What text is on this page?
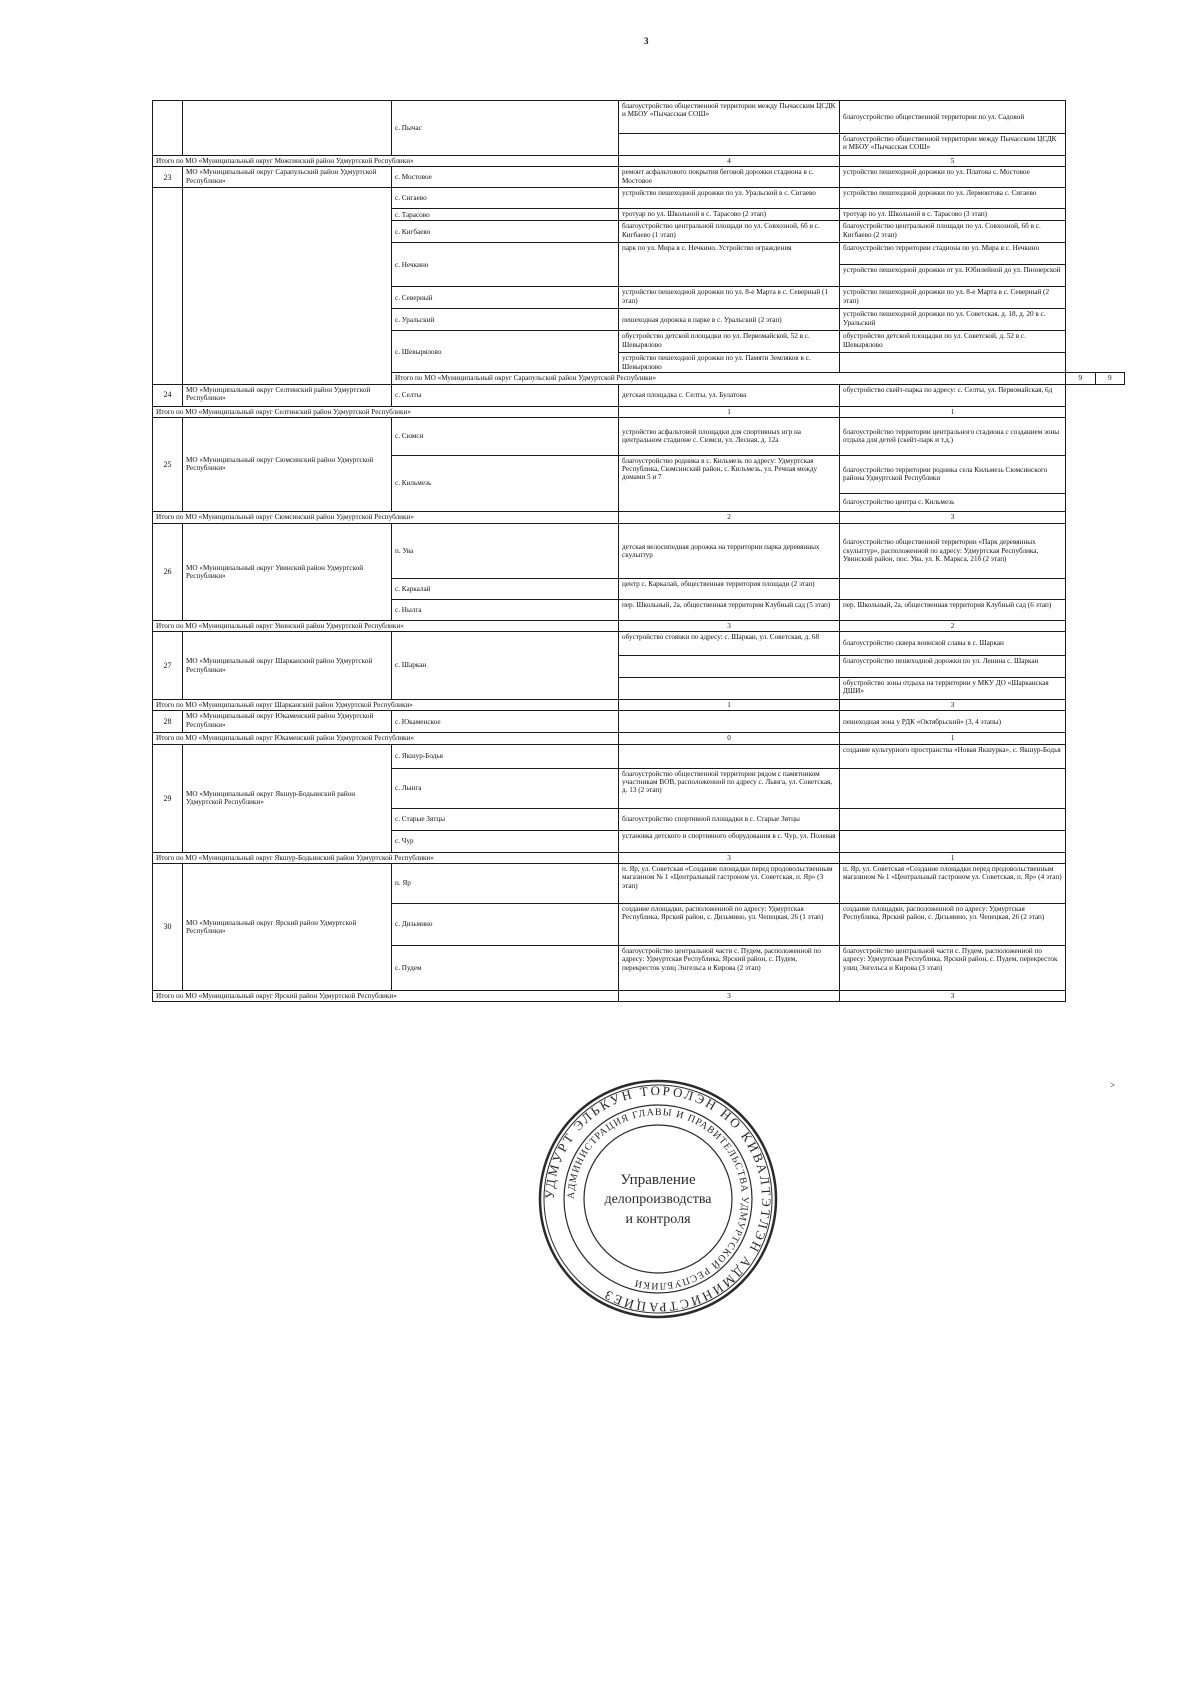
3
		с. Пычас	благоустройство общественной территории между Пычасским ЦСДК и МБОУ «Пычасская СОШ»	благоустройство общественной территории по ул. Садовой		
				благоустройство общественной территории между Пычасским ЦСДК и МБОУ «Пычасская СОШ»		
Итого по МО «Муниципальный округ Можгинский район Удмуртской Республики»			4	5		
23	МО «Муниципальный округ Сарапульский район Удмуртской Республики»	с. Мостовое	ремонт асфальтового покрытия беговой дорожки стадиона в с. Мостовое	устройство пешеходной дорожки по ул. Платова с. Мостовое		
		с. Сигаево	устройство пешеходной дорожки по ул. Уральской в с. Сигаево	устройство пешеходной дорожки по ул. Лермонтова с. Сигаево		
		с. Тарасово	тротуар по ул. Школьной в с. Тарасово (2 этап)	тротуар по ул. Школьной в с. Тарасово (3 этап)		
		с. Кигбаево	благоустройство центральной площади по ул. Совхозной, 6б в с. Кигбаево (1 этап)	благоустройство центральной площади по ул. Совхозной, 6б в с. Кигбаево (2 этап)		
		с. Нечкино	парк по ул. Мира в с. Нечкино. Устройство ограждения	благоустройство территории стадиона по ул. Мира в с. Нечкино		
				устройство пешеходной дорожки от ул. Юбилейной до ул. Пионерской		
		с. Северный	устройство пешеходной дорожки по ул. 8-е Марта в с. Северный (1 этап)	устройство пешеходной дорожки по ул. 8-е Марта в с. Северный (2 этап)		
		с. Уральский	пешеходная дорожка в парке в с. Уральский (2 этап)	устройство пешеходной дорожки по ул. Советская, д. 18, д. 20 в с. Уральский		
		с. Шевырялово	обустройство детской площадки по ул. Первомайской, 52 в с. Шевырялово	обустройство детской площадки по ул. Советской, д. 52 в с. Шевырялово		
			устройство пешеходной дорожки по ул. Памяти Земляков в с. Шевырялово			
		Итого по МО «Муниципальный округ Сарапульский район Удмуртской Республики»			9	9
24	МО «Муниципальный округ Селтинский район Удмуртской Республики»	с. Селты	детская площадка с. Селты, ул. Булатова	обустройство скейт-парка по адресу: с. Селты, ул. Первомайская, 6д		
Итого по МО «Муниципальный округ Селтинский район Удмуртской Республики»			1	1		
25	МО «Муниципальный округ Сюмсинский район Удмуртской Республики»	с. Сюмси	устройство асфальтовой площадки для спортивных игр на центральном стадионе с. Сюмси, ул. Лесная, д. 12а	благоустройство территории центрального стадиона с созданием зоны отдыха для детей (скейт-парк и т.д.)		
		с. Кильмезь	благоустройство родника в с. Кильмезь по адресу: Удмуртская Республика, Сюмсинский район, с. Кильмезь, ул. Речная между домами 5 и 7	благоустройство территории родника села Кильмезь Сюмсинского района Удмуртской Республики		
				благоустройство центра с. Кильмезь		
Итого по МО «Муниципальный округ Сюмсинский район Удмуртской Республики»			2	3		
26	МО «Муниципальный округ Увинский район Удмуртской Республики»	п. Ува	детская велосипедная дорожка на территории парка деревянных скульптур	благоустройство общественной территории «Парк деревянных скульптур», расположенной по адресу: Удмуртская Республика, Увинский район, пос. Ува, ул. К. Маркса, 21б (2 этап)		
		с. Каркалай	центр с. Каркалай, общественная территория площади (2 этап)			
		с. Нылга	пер. Школьный, 2а, общественная территория Клубный сад (5 этап)	пер. Школьный, 2а, общественная территория Клубный сад (6 этап)		
Итого по МО «Муниципальный округ Увинский район Удмуртской Республики»			3	2		
27	МО «Муниципальный округ Шарканский район Удмуртской Республики»	с. Шаркан	обустройство стоянки по адресу: с. Шаркан, ул. Советская, д. 68	благоустройство сквера воинской славы в с. Шаркан		
				благоустройство пешеходной дорожки по ул. Ленина с. Шаркан		
				обустройство зоны отдыха на территории у МКУ ДО «Шарканская ДШИ»		
Итого по МО «Муниципальный округ Шарканский район Удмуртской Республики»			1	3		
28	МО «Муниципальный округ Юкаменский район Удмуртской Республики»	с. Юкаменское		пешеходная зона у РДК «Октябрьский» (3, 4 этапы)		
Итого по МО «Муниципальный округ Юкаменский район Удмуртской Республики»			0	1		
29	МО «Муниципальный округ Якшур-Бодьинский район Удмуртской Республики»	с. Якшур-Бодья		создание культурного пространства «Новая Якшурка», с. Якшур-Бодья		
		с. Лынга	благоустройство общественной территории рядом с памятником участникам ВОВ, расположенной по адресу с. Лынга, ул. Советская, д. 13 (2 этап)			
		с. Старые Зятцы	благоустройство спортивной площадки в с. Старые Зятцы			
		с. Чур	установка детского и спортивного оборудования в с. Чур, ул. Полевая			
Итого по МО «Муниципальный округ Якшур-Бодьинский район Удмуртской Республики»			3	1		
30	МО «Муниципальный округ Ярский район Удмуртской Республики»	п. Яр	п. Яр, ул. Советская «Создание площадки перед продовольственным магазином № 1 «Центральный гастроном ул. Советская, п. Яр» (3 этап)	п. Яр, ул. Советская «Создание площадки перед продовольственным магазином № 1 «Центральный гастроном ул. Советская, п. Яр» (4 этап)		
		с. Дизьмино	создание площадки, расположенной по адресу: Удмуртская Республика, Ярский район, с. Дизьмино, ул. Чепецкая, 26 (1 этап)	создание площадки, расположенной по адресу: Удмуртская Республика, Ярский район, с. Дизьмино, ул. Чепецкая, 26 (2 этап)		
		с. Пудем	благоустройство центральной части с. Пудем, расположенной по адресу: Удмуртская Республика, Ярский район, с. Пудем, перекресток улиц Энгельса и Кирова (2 этап)	благоустройство центральной части с. Пудем, расположенной по адресу: Удмуртская Республика, Ярский район, с. Пудем, перекресток улиц Энгельса и Кирова (3 этап)		
Итого по МО «Муниципальный округ Ярский район Удмуртской Республики»			3	3		
>
УДМУРТ ЭЛЬКУН ТОРОЛЭН НО КИВАЛТЭТЛЭН АДМИНИСТРАЦИЕЗ
АДМИНИСТРАЦИЯ ГЛАВЫ И ПРАВИТЕЛЬСТВА УДМУРТСКОЙ РЕСПУБЛИКИ
Управление
делопроизводства
и контроля
